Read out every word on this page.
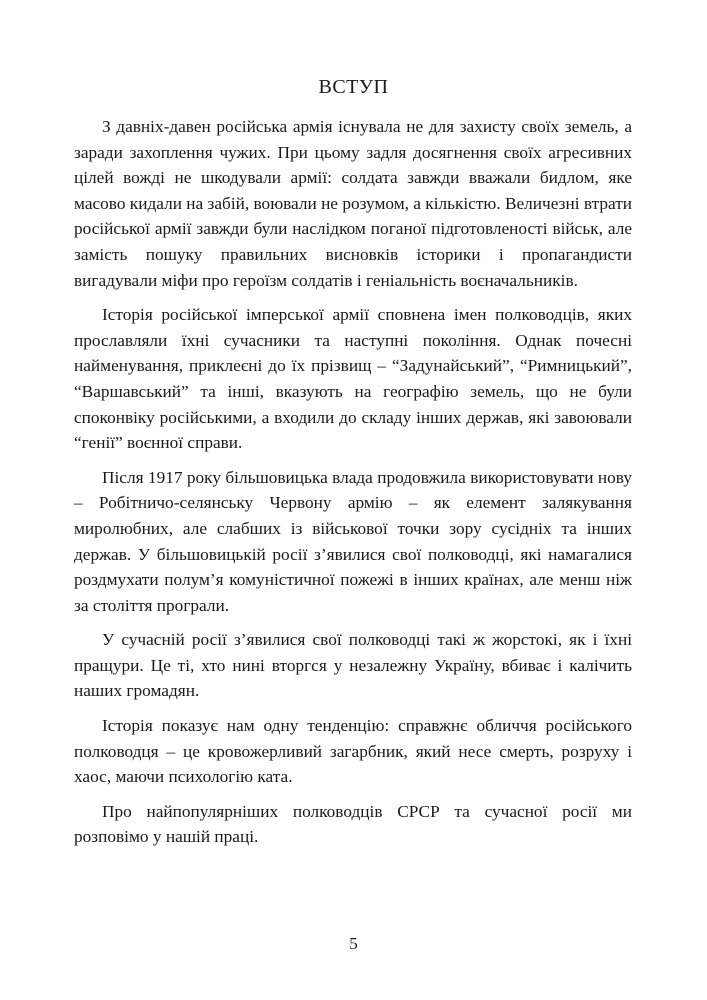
ВСТУП

З давніх-давен російська армія існувала не для захисту своїх земель, а заради захоплення чужих. При цьому задля досягнення своїх агресивних цілей вожді не шкодували армії: солдата завжди вважали бидлом, яке масово кидали на забій, воювали не розумом, а кількістю. Величезні втрати російської армії завжди були наслідком поганої підготовленості військ, але замість пошуку правильних висновків історики і пропагандисти вигадували міфи про героїзм солдатів і геніальність воєначальників.

Історія російської імперської армії сповнена імен полководців, яких прославляли їхні сучасники та наступні покоління. Однак почесні найменування, приклеєні до їх прізвищ – “Задунайський”, “Римницький”, “Варшавський” та інші, вказують на географію земель, що не були споконвіку російськими, а входили до складу інших держав, які завоювали “генії” воєнної справи.

Після 1917 року більшовицька влада продовжила використовувати нову – Робітничо-селянську Червону армію – як елемент залякування миролюбних, але слабших із військової точки зору сусідніх та інших держав. У більшовицькій росії з’явилися свої полководці, які намагалися роздмухати полум’я комуністичної пожежі в інших країнах, але менш ніж за століття програли.

У сучасній росії з’явилися свої полководці такі ж жорстокі, як і їхні пращури. Це ті, хто нині вторгся у незалежну Україну, вбиває і калічить наших громадян.

Історія показує нам одну тенденцію: справжнє обличчя російського полководця – це кровожерливий загарбник, який несе смерть, розруху і хаос, маючи психологію ката.

Про найпопулярніших полководців СРСР та сучасної росії ми розповімо у нашій праці.

5
